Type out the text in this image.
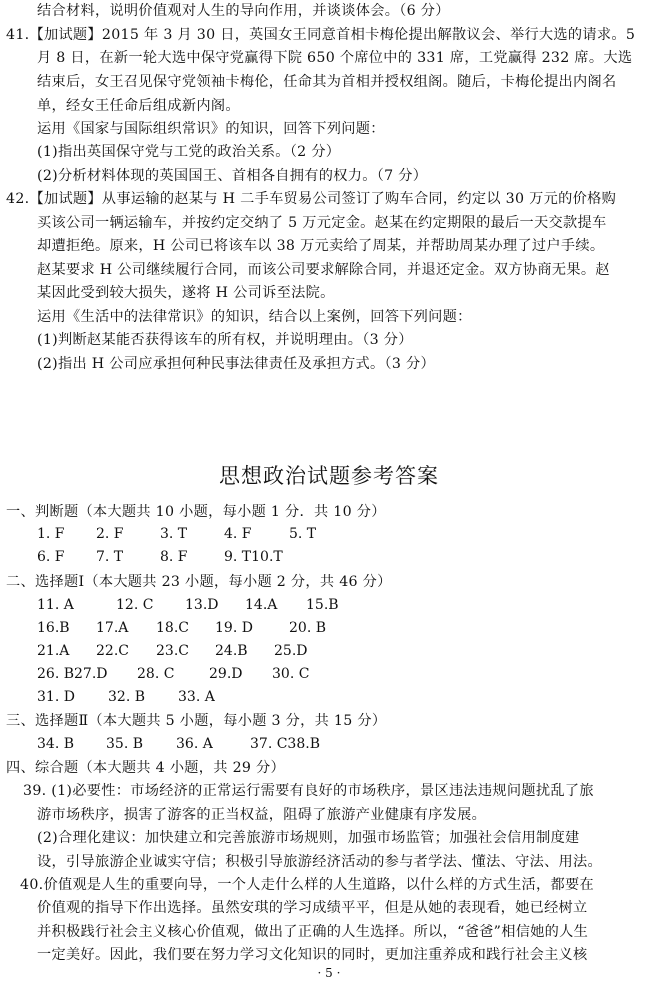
结合材料，说明价值观对人生的导向作用，并谈谈体会。（6 分）
41.【加试题】2015 年 3 月 30 日，英国女王同意首相卡梅伦提出解散议会、举行大选的请求。5
月 8 日，在新一轮大选中保守党赢得下院 650 个席位中的 331 席，工党赢得 232 席。大选
结束后，女王召见保守党领袖卡梅伦，任命其为首相并授权组阁。随后，卡梅伦提出内阁名
单，经女王任命后组成新内阁。
运用《国家与国际组织常识》的知识，回答下列问题：
(1)指出英国保守党与工党的政治关系。（2 分）
(2)分析材料体现的英国国王、首相各自拥有的权力。（7 分）
42.【加试题】从事运输的赵某与 H 二手车贸易公司签订了购车合同，约定以 30 万元的价格购
买该公司一辆运输车，并按约定交纳了 5 万元定金。赵某在约定期限的最后一天交款提车
却遭拒绝。原来，H 公司已将该车以 38 万元卖给了周某，并帮助周某办理了过户手续。
赵某要求 H 公司继续履行合同，而该公司要求解除合同，并退还定金。双方协商无果。赵
某因此受到较大损失，遂将 H 公司诉至法院。
运用《生活中的法律常识》的知识，结合以上案例，回答下列问题：
(1)判断赵某能否获得该车的所有权，并说明理由。（3 分）
(2)指出 H 公司应承担何种民事法律责任及承担方式。（3 分）
思想政治试题参考答案
一、判断题（本大题共 10 小题，每小题 1 分．共 10 分）
1. F 2. F	3. T	4. F	5. T
6. F 7. T	8. F	9. T10.T
二、选择题Ⅰ（本大题共 23 小题，每小题 2 分，共 46 分）
11. A	12. C 13.D 14.A 15.B
16.B 17.A 18.C 19. D	20. B
21.A 22.C 23.C 24.B 25.D
26. B27.D 28. C 29.D 30. C
31. D 32. B 33. A
三、选择题Ⅱ（本大题共 5 小题，每小题 3 分，共 15 分）
34. B 35. B 36. A	37. C38.B
四、综合题（本大题共 4 小题，共 29 分）
39. (1)必要性：市场经济的正常运行需要有良好的市场秩序，景区违法违规问题扰乱了旅
游市场秩序，损害了游客的正当权益，阻碍了旅游产业健康有序发展。
(2)合理化建议：加快建立和完善旅游市场规则，加强市场监管；加强社会信用制度建
设，引导旅游企业诚实守信；积极引导旅游经济活动的参与者学法、懂法、守法、用法。
40.价值观是人生的重要向导，一个人走什么样的人生道路，以什么样的方式生活，都要在
价值观的指导下作出选择。虽然安琪的学习成绩平平，但是从她的表现看，她已经树立
并积极践行社会主义核心价值观，做出了正确的人生选择。所以，“爸爸”相信她的人生
一定美好。因此，我们要在努力学习文化知识的同时，更加注重养成和践行社会主义核
· 5 ·
